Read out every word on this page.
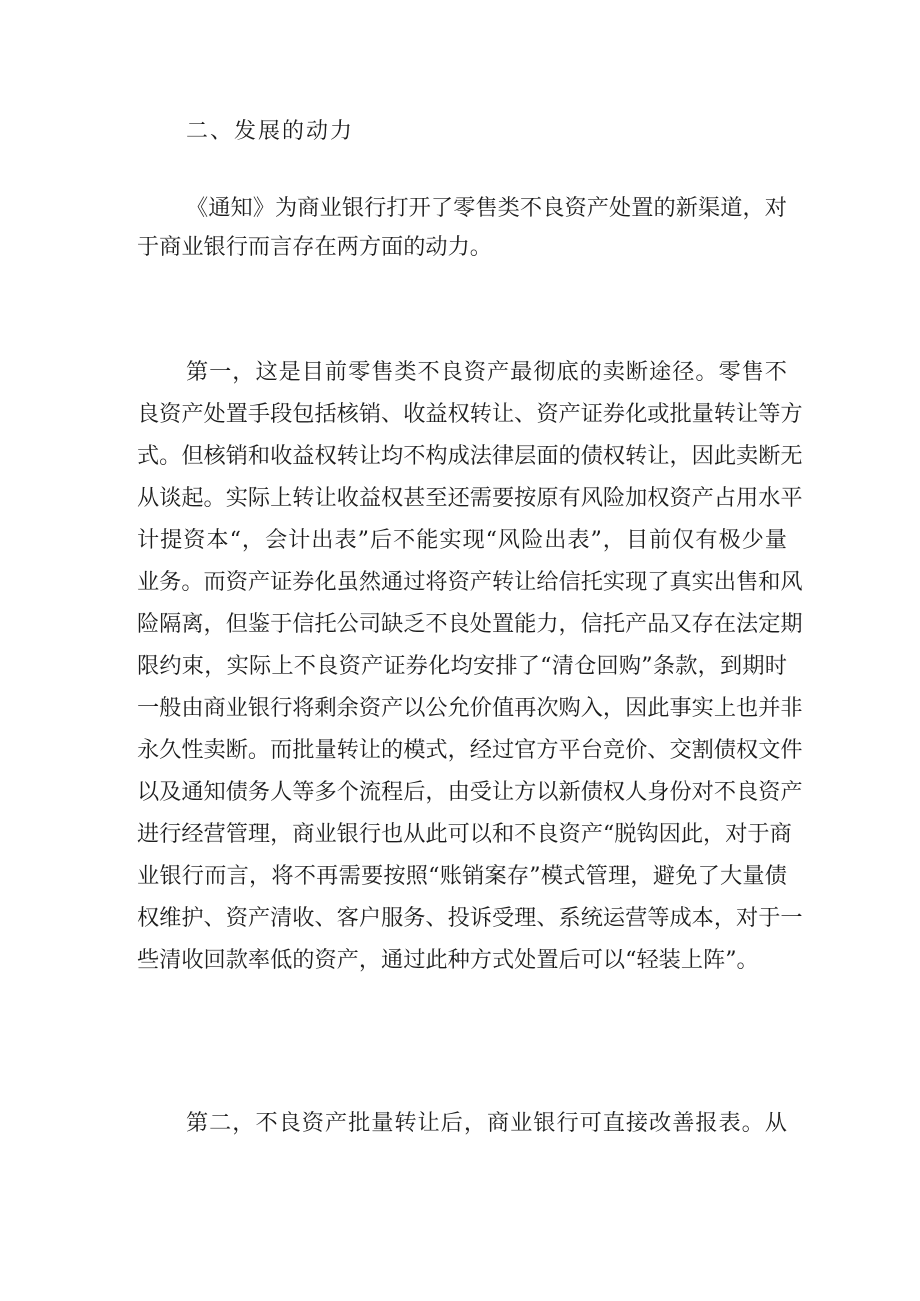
二、发展的动力
《通知》为商业银行打开了零售类不良资产处置的新渠道，对
于商业银行而言存在两方面的动力。
第一，这是目前零售类不良资产最彻底的卖断途径。零售不
良资产处置手段包括核销、收益权转让、资产证券化或批量转让等方
式。但核销和收益权转让均不构成法律层面的债权转让，因此卖断无
从谈起。实际上转让收益权甚至还需要按原有风险加权资产占用水平
计提资本“，会计出表”后不能实现“风险出表”，目前仅有极少量
业务。而资产证券化虽然通过将资产转让给信托实现了真实出售和风
险隔离，但鉴于信托公司缺乏不良处置能力，信托产品又存在法定期
限约束，实际上不良资产证券化均安排了“清仓回购”条款，到期时
一般由商业银行将剩余资产以公允价值再次购入，因此事实上也并非
永久性卖断。而批量转让的模式，经过官方平台竞价、交割债权文件
以及通知债务人等多个流程后，由受让方以新债权人身份对不良资产
进行经营管理，商业银行也从此可以和不良资产“脱钩因此，对于商
业银行而言，将不再需要按照“账销案存”模式管理，避免了大量债
权维护、资产清收、客户服务、投诉受理、系统运营等成本，对于一
些清收回款率低的资产，通过此种方式处置后可以“轻装上阵”。
第二，不良资产批量转让后，商业银行可直接改善报表。从
